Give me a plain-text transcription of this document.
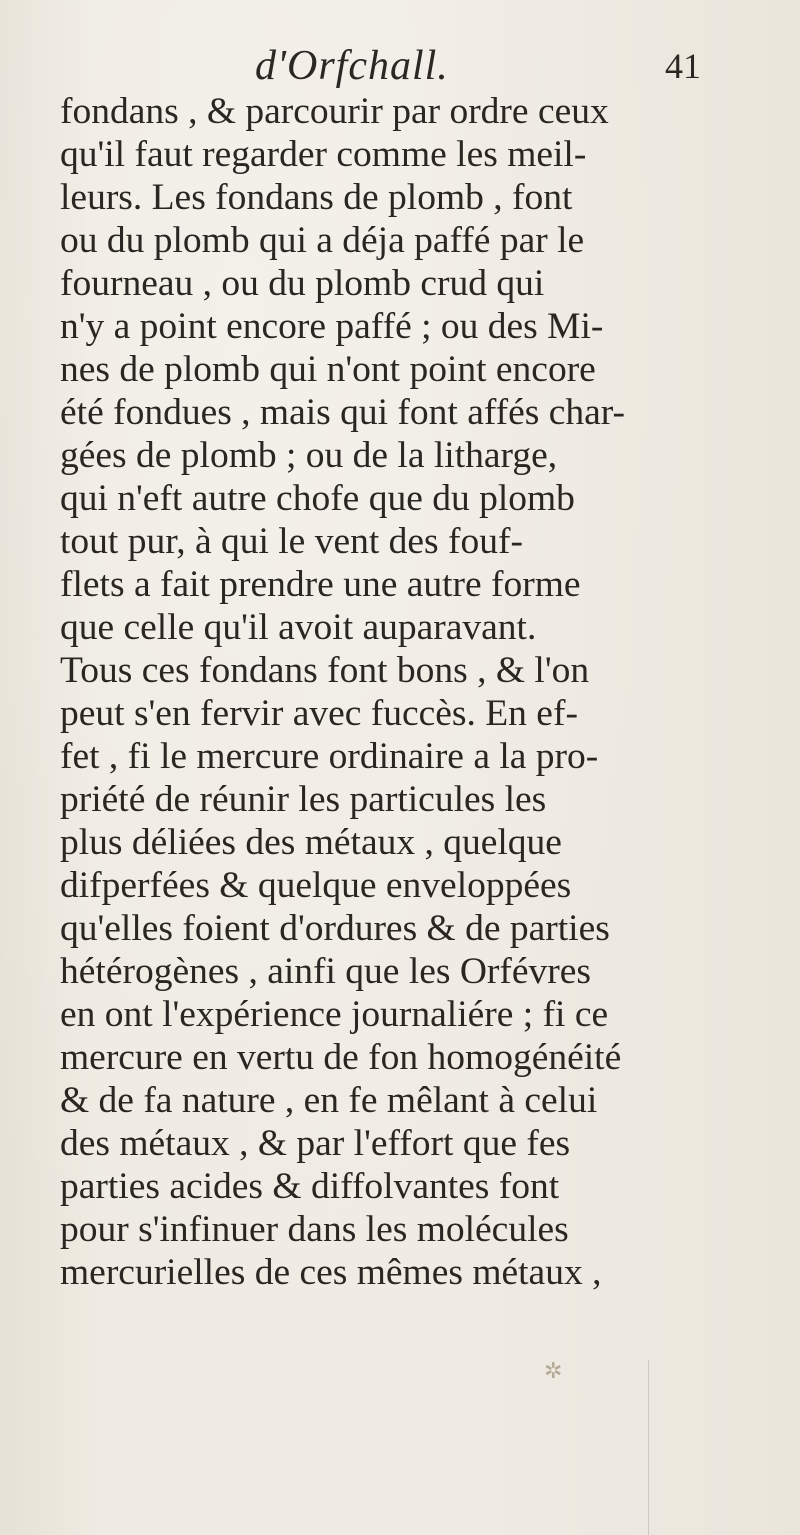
d'Orfchall.	41
fondans , & parcourir par ordre ceux
qu'il faut regarder comme les meil-
leurs. Les fondans de plomb , font
ou du plomb qui a déja paffé par le
fourneau , ou du plomb crud qui
n'y a point encore paffé ; ou des Mi-
nes de plomb qui n'ont point encore
été fondues , mais qui font affés char-
gées de plomb ; ou de la litharge,
qui n'eft autre chofe que du plomb
tout pur, à qui le vent des fouf-
flets a fait prendre une autre forme
que celle qu'il avoit auparavant.
Tous ces fondans font bons , & l'on
peut s'en fervir avec fuccès. En ef-
fet , fi le mercure ordinaire a la pro-
priété de réunir les particules les
plus déliées des métaux , quelque
difperfées & quelque enveloppées
qu'elles foient d'ordures & de parties
hétérogènes , ainfi que les Orfévres
en ont l'expérience journaliére ; fi ce
mercure en vertu de fon homogénéité
& de fa nature , en fe mêlant à celui
des métaux , & par l'effort que fes
parties acides & diffolvantes font
pour s'infinuer dans les molécules
mercurielles de ces mêmes métaux ,
✲
